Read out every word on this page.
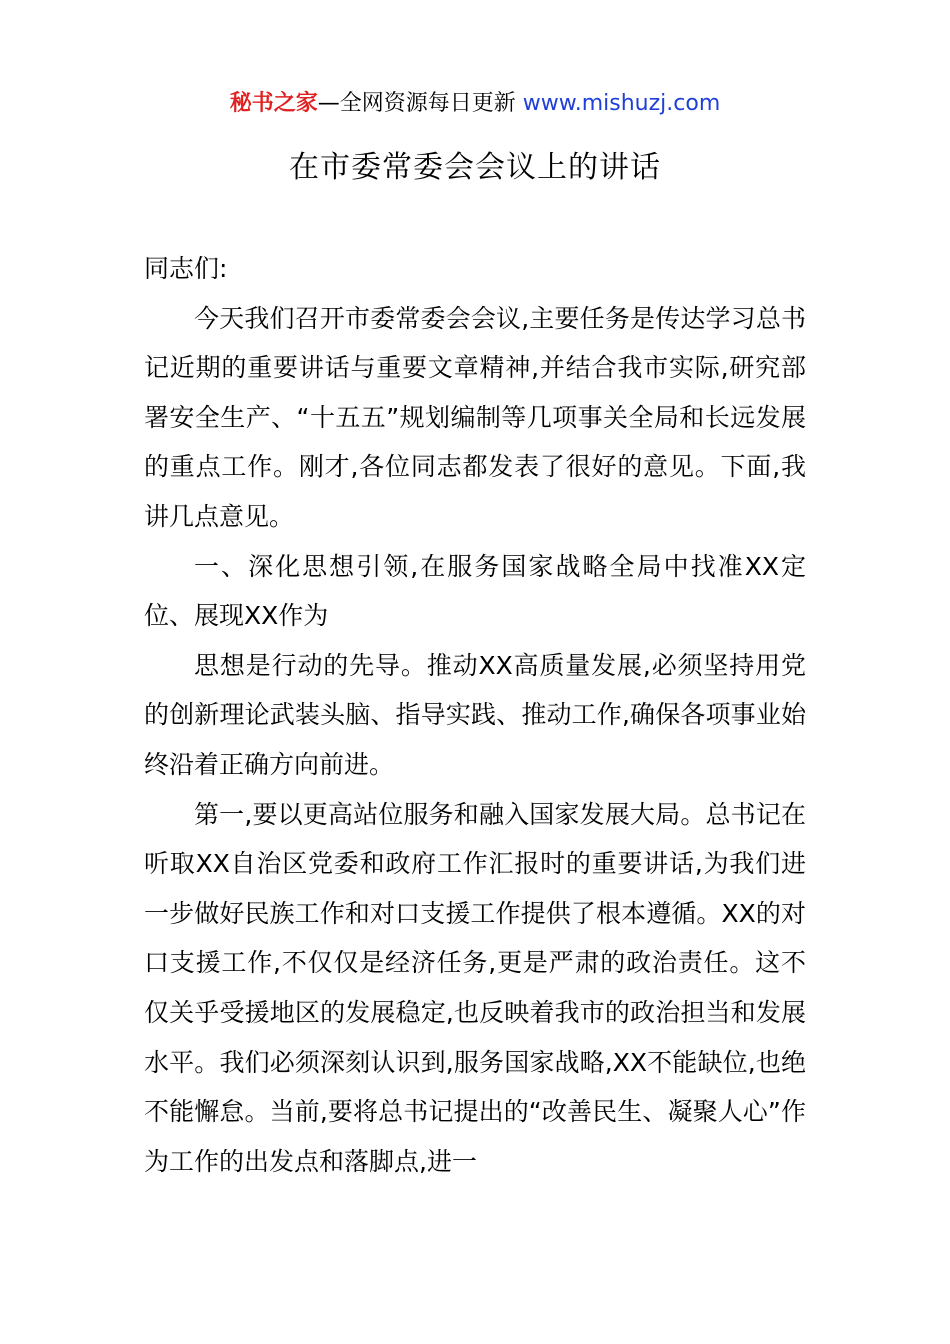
秘书之家—全网资源每日更新 www.mishuzj.com
在市委常委会会议上的讲话

同志们:

今天我们召开市委常委会会议,主要任务是传达学习总书记近期的重要讲话与重要文章精神,并结合我市实际,研究部署安全生产、“十五五”规划编制等几项事关全局和长远发展的重点工作。刚才,各位同志都发表了很好的意见。下面,我讲几点意见。

一、深化思想引领,在服务国家战略全局中找准XX定位、展现XX作为

思想是行动的先导。推动XX高质量发展,必须坚持用党的创新理论武装头脑、指导实践、推动工作,确保各项事业始终沿着正确方向前进。

第一,要以更高站位服务和融入国家发展大局。总书记在听取XX自治区党委和政府工作汇报时的重要讲话,为我们进一步做好民族工作和对口支援工作提供了根本遵循。XX的对口支援工作,不仅仅是经济任务,更是严肃的政治责任。这不仅关乎受援地区的发展稳定,也反映着我市的政治担当和发展水平。我们必须深刻认识到,服务国家战略,XX不能缺位,也绝不能懈怠。当前,要将总书记提出的“改善民生、凝聚人心”作为工作的出发点和落脚点,进一
